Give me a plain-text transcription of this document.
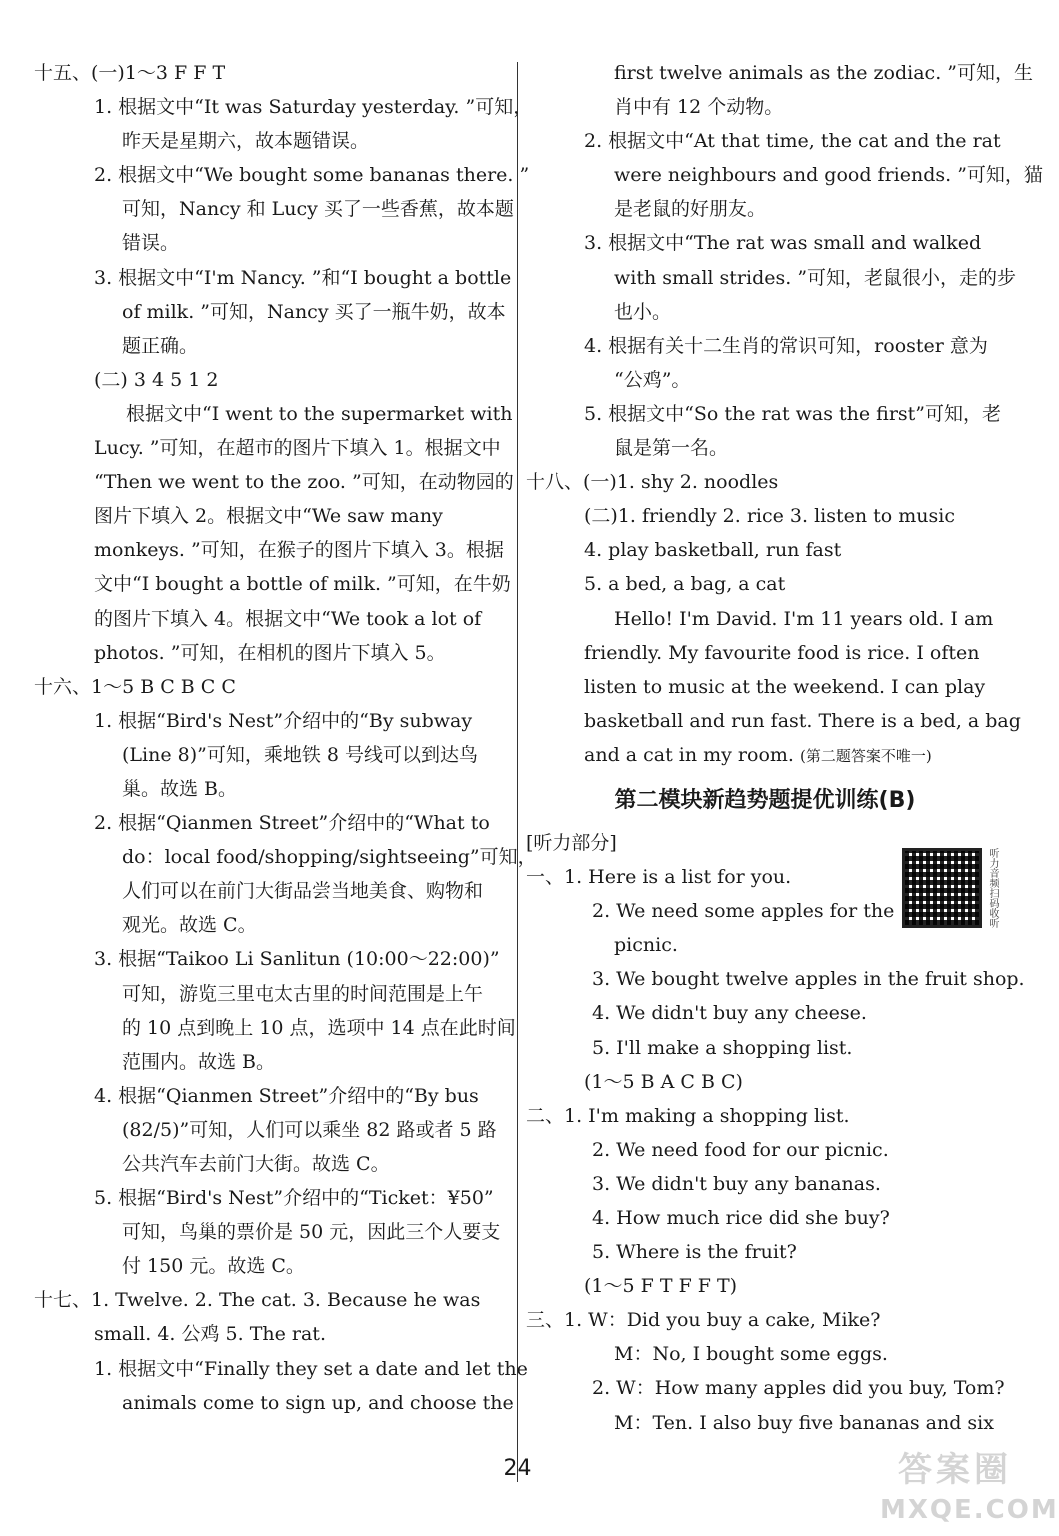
十五、(一)1～3 F F T
1. 根据文中“It was Saturday yesterday. ”可知，
昨天是星期六，故本题错误。
2. 根据文中“We bought some bananas there. ”
可知，Nancy 和 Lucy 买了一些香蕉，故本题
错误。
3. 根据文中“I'm Nancy. ”和“I bought a bottle
of milk. ”可知，Nancy 买了一瓶牛奶，故本
题正确。
(二) 3 4 5 1 2
根据文中“I went to the supermarket with
Lucy. ”可知，在超市的图片下填入 1。根据文中
“Then we went to the zoo. ”可知，在动物园的
图片下填入 2。根据文中“We saw many
monkeys. ”可知，在猴子的图片下填入 3。根据
文中“I bought a bottle of milk. ”可知，在牛奶
的图片下填入 4。根据文中“We took a lot of
photos. ”可知，在相机的图片下填入 5。
十六、1～5 B C B C C
1. 根据“Bird's Nest”介绍中的“By subway
(Line 8)”可知，乘地铁 8 号线可以到达鸟
巢。故选 B。
2. 根据“Qianmen Street”介绍中的“What to
do：local food/shopping/sightseeing”可知，
人们可以在前门大街品尝当地美食、购物和
观光。故选 C。
3. 根据“Taikoo Li Sanlitun (10:00～22:00)”
可知，游览三里屯太古里的时间范围是上午
的 10 点到晚上 10 点，选项中 14 点在此时间
范围内。故选 B。
4. 根据“Qianmen Street”介绍中的“By bus
(82/5)”可知，人们可以乘坐 82 路或者 5 路
公共汽车去前门大街。故选 C。
5. 根据“Bird's Nest”介绍中的“Ticket：¥50”
可知，鸟巢的票价是 50 元，因此三个人要支
付 150 元。故选 C。
十七、1. Twelve. 2. The cat. 3. Because he was
small. 4. 公鸡 5. The rat.
1. 根据文中“Finally they set a date and let the
animals come to sign up, and choose the
first twelve animals as the zodiac. ”可知，生
肖中有 12 个动物。
2. 根据文中“At that time, the cat and the rat
were neighbours and good friends. ”可知，猫
是老鼠的好朋友。
3. 根据文中“The rat was small and walked
with small strides. ”可知，老鼠很小，走的步
也小。
4. 根据有关十二生肖的常识可知，rooster 意为
“公鸡”。
5. 根据文中“So the rat was the first”可知，老
鼠是第一名。
十八、(一)1. shy 2. noodles
(二)1. friendly 2. rice 3. listen to music
4. play basketball, run fast
5. a bed, a bag, a cat
Hello! I'm David. I'm 11 years old. I am
friendly. My favourite food is rice. I often
listen to music at the weekend. I can play
basketball and run fast. There is a bed, a bag
and a cat in my room. (第二题答案不唯一)
第二模块新趋势题提优训练(B)
[听力部分]
一、1. Here is a list for you.
2. We need some apples for the
picnic.
3. We bought twelve apples in the fruit shop.
4. We didn't buy any cheese.
5. I'll make a shopping list.
(1～5 B A C B C)
二、1. I'm making a shopping list.
2. We need food for our picnic.
3. We didn't buy any bananas.
4. How much rice did she buy?
5. Where is the fruit?
(1～5 F T F F T)
三、1. W：Did you buy a cake, Mike?
M：No, I bought some eggs.
2. W：How many apples did you buy, Tom?
M：Ten. I also buy five bananas and six
听力音频扫码收听
24	答案圈
MXQE.COM
